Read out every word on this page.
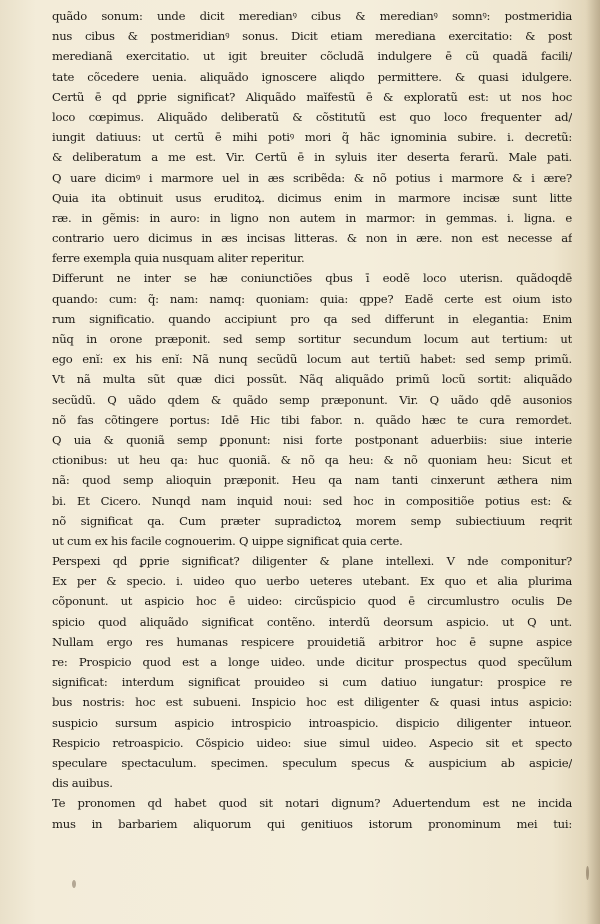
quãdo sonum: unde dicit meredianꝰ cibus & meredianꝰ somnꝰ: postmeridia
nus cibus & postmeridianꝰ sonus. Dicit etiam merediana exercitatio: & post
meredianã exercitatio. ut igit breuiter cõcludã indulgere ē cũ quadã facili/
tate cõcedere uenia. aliquãdo ignoscere aliqdo permittere. & quasi idulgere.
Certũ ē qd ꝑprie significat? Aliquãdo maĭfestũ ē & exploratũ est: ut nos hoc
loco cœpimus. Aliquãdo deliberatũ & cõstitutũ est quo loco frequenter ad/
iungit datiuus: ut certũ ē mihi potiꝰ mori q̃ hãc ignominia subire. i. decretũ:
& deliberatum a me est. Vir. Certũ ē in syluis iter deserta ferarũ. Male pati.
Q uare dicimꝰ i marmore uel in æs scribẽda: & nõ potius i marmore & i ære?
Quia ita obtinuit usus eruditoꝝ. dicimus enim in marmore incisæ sunt litte
ræ. in gẽmis: in auro: in ligno non autem in marmor: in gemmas. i. ligna. e
contrario uero dicimus in æs incisas litteras. & non in ære. non est necesse af
ferre exempla quia nusquam aliter reperitur.
Differunt ne inter se hæ coniunctiões qbus ī eodẽ loco uterisn. quãdoqdē
quando: cum: q̃: nam: namq: quoniam: quia: qppe? Eadẽ certe est oium isto
rum significatio. quando accipiunt pro qa sed differunt in elegantia: Enim
nũq in orone præponit. sed semp sortitur secundum locum aut tertium: ut
ego enĭ: ex his enĭ: Nã nunq secũdũ locum aut tertiũ habet: sed semp primũ.
Vt nã multa sũt quæ dici possũt. Nãq aliquãdo primũ locũ sortit: aliquãdo
secũdũ. Q uãdo qdem & quãdo semp præponunt. Vir. Q uãdo qdē ausonios
nõ fas cõtingere portus: Idē Hic tibi fabor. n. quãdo hæc te cura remordet.
Q uia & quoniã semp ꝑponunt: nisi forte postponant aduerbiis: siue interie
ctionibus: ut heu qa: huc quoniã. & nõ qa heu: & nõ quoniam heu: Sicut et
nã: quod semp alioquin præponit. Heu qa nam tanti cinxerunt æthera nim
bi. Et Cicero. Nunqd nam inquid noui: sed hoc in compositiõe potius est: &
nõ significat qa. Cum præter supradictoꝝ morem semp subiectiuum reqrit
ut cum ex his facile cognouerim. Q uippe significat quia certe.
Perspexi qd ꝑprie significat? diligenter & plane intellexi. V nde componitur?
Ex per & specio. i. uideo quo uerbo ueteres utebant. Ex quo et alia plurima
cõponunt. ut aspicio hoc ē uideo: circũspicio quod ē circumlustro oculis De
spicio quod aliquãdo significat contẽno. interdũ deorsum aspicio. ut Q unt.
Nullam ergo res humanas respicere prouidetiã arbitror hoc ē supne aspice
re: Prospicio quod est a longe uideo. unde dicitur prospectus quod specũlum
significat: interdum significat prouideo si cum datiuo iungatur: prospice re
bus nostris: hoc est subueni. Inspicio hoc est diligenter & quasi intus aspicio:
suspicio sursum aspicio introspicio introaspicio. dispicio diligenter intueor.
Respicio retroaspicio. Cõspicio uideo: siue simul uideo. Aspecio sit et specto
speculare spectaculum. specimen. speculum specus & auspicium ab aspicie/
dis auibus.
Te pronomen qd habet quod sit notari dignum? Aduertendum est ne incida
mus in barbariem aliquorum qui genitiuos istorum pronominum mei tui:
